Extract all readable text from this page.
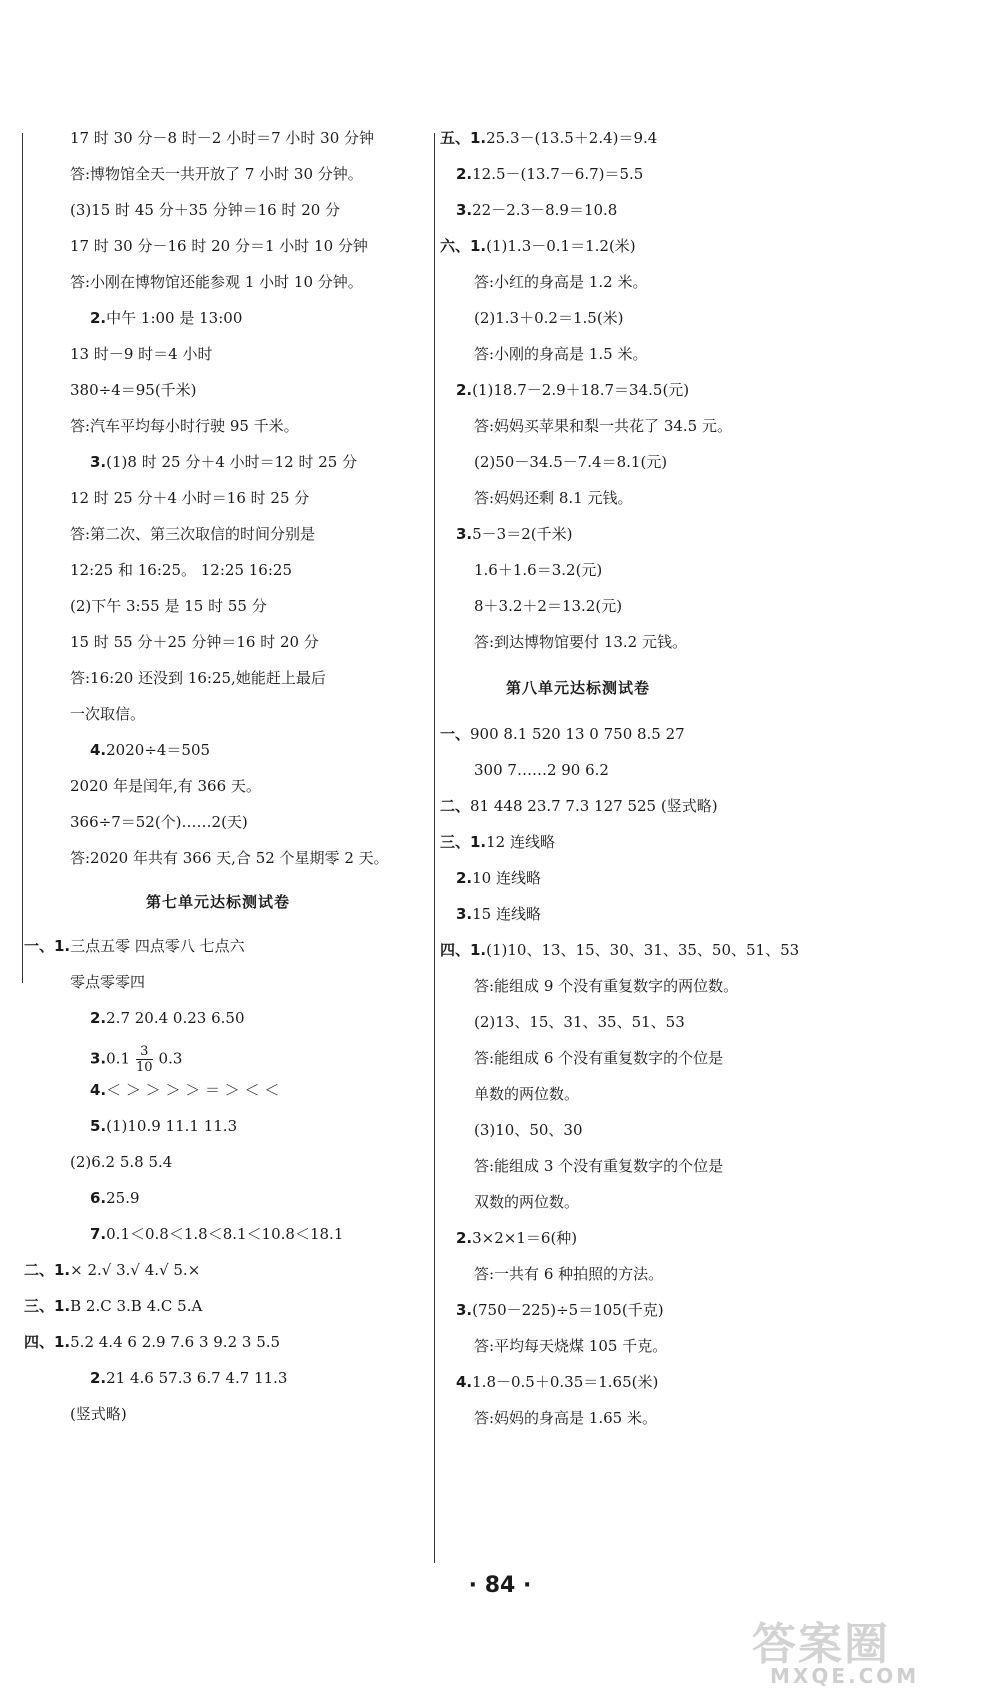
17 时 30 分－8 时－2 小时＝7 小时 30 分钟
答:博物馆全天一共开放了 7 小时 30 分钟。
(3)15 时 45 分＋35 分钟＝16 时 20 分
17 时 30 分－16 时 20 分＝1 小时 10 分钟
答:小刚在博物馆还能参观 1 小时 10 分钟。
2.中午 1:00 是 13:00
13 时－9 时＝4 小时
380÷4＝95(千米)
答:汽车平均每小时行驶 95 千米。
3.(1)8 时 25 分＋4 小时＝12 时 25 分
12 时 25 分＋4 小时＝16 时 25 分
答:第二次、第三次取信的时间分别是
12:25 和 16:25。 12:25 16:25
(2)下午 3:55 是 15 时 55 分
15 时 55 分＋25 分钟＝16 时 20 分
答:16:20 还没到 16:25,她能赶上最后
一次取信。
4.2020÷4＝505
2020 年是闰年,有 366 天。
366÷7＝52(个)……2(天)
答:2020 年共有 366 天,合 52 个星期零 2 天。
第七单元达标测试卷
一、1.三点五零 四点零八 七点六
零点零零四
2.2.7 20.4 0.23 6.50
$3.0.1 \frac{3}{10} 0.3$
4.＜ ＞ ＞ ＞ ＞ ＝ ＞ ＜ ＜
5.(1)10.9 11.1 11.3
(2)6.2 5.8 5.4
6.25.9
7.0.1＜0.8＜1.8＜8.1＜10.8＜18.1
二、1.× 2.√ 3.√ 4.√ 5.×
三、1.B 2.C 3.B 4.C 5.A
四、1.5.2 4.4 6 2.9 7.6 3 9.2 3 5.5
2.21 4.6 57.3 6.7 4.7 11.3
(竖式略)
五、1.25.3－(13.5＋2.4)＝9.4
2.12.5－(13.7－6.7)＝5.5
3.22－2.3－8.9＝10.8
六、1.(1)1.3－0.1＝1.2(米)
答:小红的身高是 1.2 米。
(2)1.3＋0.2＝1.5(米)
答:小刚的身高是 1.5 米。
2.(1)18.7－2.9＋18.7＝34.5(元)
答:妈妈买苹果和梨一共花了 34.5 元。
(2)50－34.5－7.4＝8.1(元)
答:妈妈还剩 8.1 元钱。
3.5－3＝2(千米)
1.6＋1.6＝3.2(元)
8＋3.2＋2＝13.2(元)
答:到达博物馆要付 13.2 元钱。
第八单元达标测试卷
一、900 8.1 520 13 0 750 8.5 27
300 7……2 90 6.2
二、81 448 23.7 7.3 127 525 (竖式略)
三、1.12 连线略
2.10 连线略
3.15 连线略
四、1.(1)10、13、15、30、31、35、50、51、53
答:能组成 9 个没有重复数字的两位数。
(2)13、15、31、35、51、53
答:能组成 6 个没有重复数字的个位是
单数的两位数。
(3)10、50、30
答:能组成 3 个没有重复数字的个位是
双数的两位数。
2.3×2×1＝6(种)
答:一共有 6 种拍照的方法。
3.(750－225)÷5＝105(千克)
答:平均每天烧煤 105 千克。
4.1.8－0.5＋0.35＝1.65(米)
答:妈妈的身高是 1.65 米。
· 84 ·
答案圈
MXQE.COM
